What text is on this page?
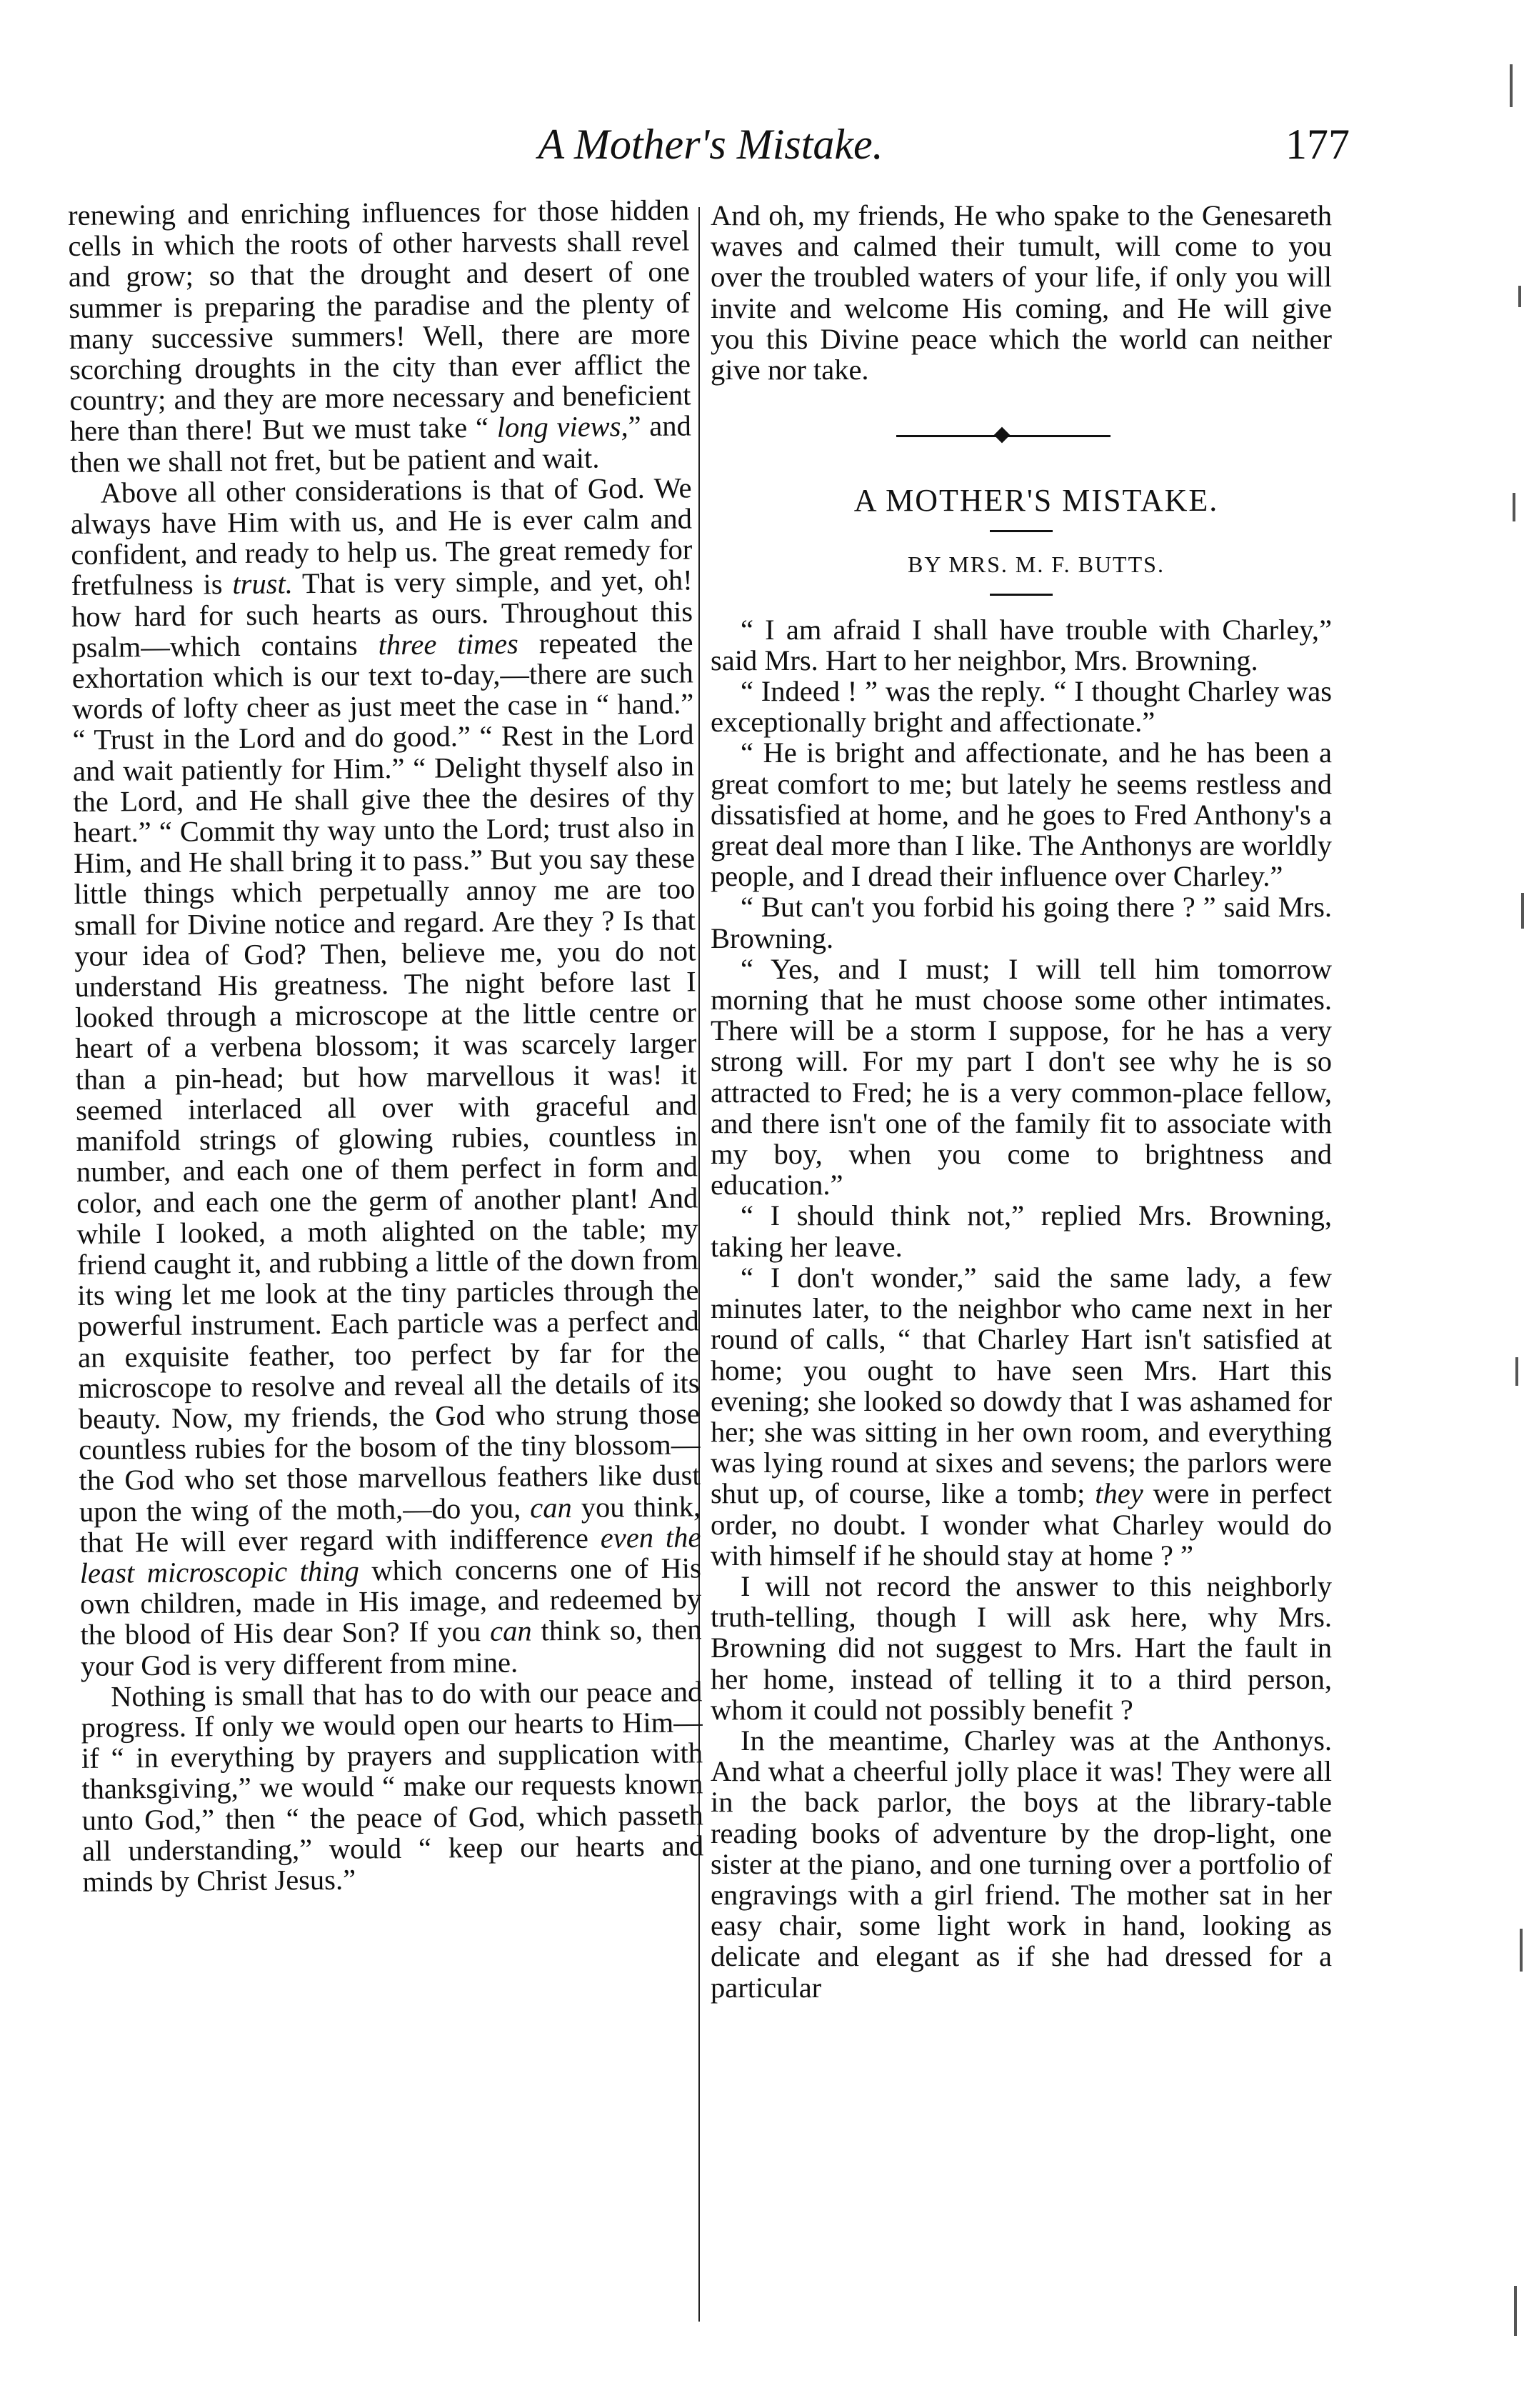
A Mother's Mistake.	177

renewing and enriching influences for those hidden cells in which the roots of other harvests shall revel and grow; so that the drought and desert of one summer is preparing the paradise and the plenty of many successive summers! Well, there are more scorching droughts in the city than ever afflict the country; and they are more necessary and beneficient here than there! But we must take “ long views,” and then we shall not fret, but be patient and wait.

Above all other considerations is that of God. We always have Him with us, and He is ever calm and confident, and ready to help us. The great remedy for fretfulness is trust. That is very simple, and yet, oh! how hard for such hearts as ours. Throughout this psalm—which contains three times repeated the exhortation which is our text to-day,—there are such words of lofty cheer as just meet the case in “ hand.” “ Trust in the Lord and do good.” “ Rest in the Lord and wait patiently for Him.” “ Delight thyself also in the Lord, and He shall give thee the desires of thy heart.” “ Commit thy way unto the Lord; trust also in Him, and He shall bring it to pass.” But you say these little things which perpetually annoy me are too small for Divine notice and regard. Are they ? Is that your idea of God? Then, believe me, you do not understand His greatness. The night before last I looked through a microscope at the little centre or heart of a verbena blossom; it was scarcely larger than a pin-head; but how marvellous it was! it seemed interlaced all over with graceful and manifold strings of glowing rubies, countless in number, and each one of them perfect in form and color, and each one the germ of another plant! And while I looked, a moth alighted on the table; my friend caught it, and rubbing a little of the down from its wing let me look at the tiny particles through the powerful instrument. Each particle was a perfect and an exquisite feather, too perfect by far for the microscope to resolve and reveal all the details of its beauty. Now, my friends, the God who strung those countless rubies for the bosom of the tiny blossom—the God who set those marvellous feathers like dust upon the wing of the moth,—do you, can you think, that He will ever regard with indifference even the least microscopic thing which concerns one of His own children, made in His image, and redeemed by the blood of His dear Son? If you can think so, then your God is very different from mine.

Nothing is small that has to do with our peace and progress. If only we would open our hearts to Him—if “ in everything by prayers and supplication with thanksgiving,” we would “ make our requests known unto God,” then “ the peace of God, which passeth all understanding,” would “ keep our hearts and minds by Christ Jesus.”

And oh, my friends, He who spake to the Genesareth waves and calmed their tumult, will come to you over the troubled waters of your life, if only you will invite and welcome His coming, and He will give you this Divine peace which the world can neither give nor take.

A MOTHER'S MISTAKE.

BY MRS. M. F. BUTTS.

“ I am afraid I shall have trouble with Charley,” said Mrs. Hart to her neighbor, Mrs. Browning.

“ Indeed ! ” was the reply. “ I thought Charley was exceptionally bright and affectionate.”

“ He is bright and affectionate, and he has been a great comfort to me; but lately he seems restless and dissatisfied at home, and he goes to Fred Anthony's a great deal more than I like. The Anthonys are worldly people, and I dread their influence over Charley.”

“ But can't you forbid his going there ? ” said Mrs. Browning.

“ Yes, and I must; I will tell him tomorrow morning that he must choose some other intimates. There will be a storm I suppose, for he has a very strong will. For my part I don't see why he is so attracted to Fred; he is a very common-place fellow, and there isn't one of the family fit to associate with my boy, when you come to brightness and education.”

“ I should think not,” replied Mrs. Browning, taking her leave.

“ I don't wonder,” said the same lady, a few minutes later, to the neighbor who came next in her round of calls, “ that Charley Hart isn't satisfied at home; you ought to have seen Mrs. Hart this evening; she looked so dowdy that I was ashamed for her; she was sitting in her own room, and everything was lying round at sixes and sevens; the parlors were shut up, of course, like a tomb; they were in perfect order, no doubt. I wonder what Charley would do with himself if he should stay at home ? ”

I will not record the answer to this neighborly truth-telling, though I will ask here, why Mrs. Browning did not suggest to Mrs. Hart the fault in her home, instead of telling it to a third person, whom it could not possibly benefit ?

In the meantime, Charley was at the Anthonys. And what a cheerful jolly place it was! They were all in the back parlor, the boys at the library-table reading books of adventure by the drop-light, one sister at the piano, and one turning over a portfolio of engravings with a girl friend. The mother sat in her easy chair, some light work in hand, looking as delicate and elegant as if she had dressed for a particular
